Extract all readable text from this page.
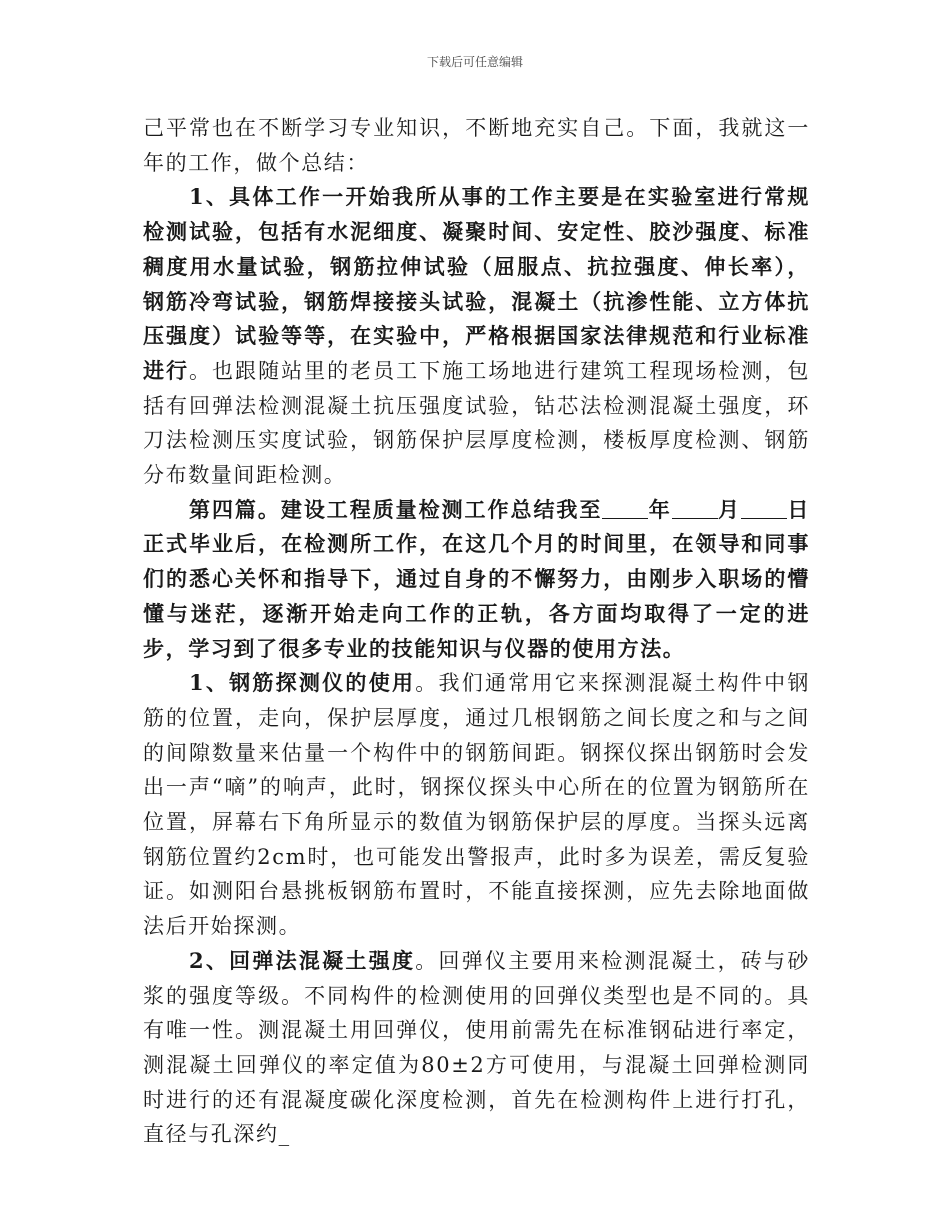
下载后可任意编辑

己平常也在不断学习专业知识，不断地充实自己。下面，我就这一年的工作，做个总结：

1、具体工作一开始我所从事的工作主要是在实验室进行常规检测试验，包括有水泥细度、凝聚时间、安定性、胶沙强度、标准稠度用水量试验，钢筋拉伸试验（屈服点、抗拉强度、伸长率），钢筋冷弯试验，钢筋焊接接头试验，混凝土（抗渗性能、立方体抗压强度）试验等等，在实验中，严格根据国家法律规范和行业标准进行。也跟随站里的老员工下施工场地进行建筑工程现场检测，包括有回弹法检测混凝土抗压强度试验，钻芯法检测混凝土强度，环刀法检测压实度试验，钢筋保护层厚度检测，楼板厚度检测、钢筋分布数量间距检测。

第四篇。建设工程质量检测工作总结我至 年 月 日正式毕业后，在检测所工作，在这几个月的时间里，在领导和同事们的悉心关怀和指导下，通过自身的不懈努力，由刚步入职场的懵懂与迷茫，逐渐开始走向工作的正轨，各方面均取得了一定的进步，学习到了很多专业的技能知识与仪器的使用方法。

1、钢筋探测仪的使用。我们通常用它来探测混凝土构件中钢筋的位置，走向，保护层厚度，通过几根钢筋之间长度之和与之间的间隙数量来估量一个构件中的钢筋间距。钢探仪探出钢筋时会发出一声“嘀”的响声，此时，钢探仪探头中心所在的位置为钢筋所在位置，屏幕右下角所显示的数值为钢筋保护层的厚度。当探头远离钢筋位置约2cm时，也可能发出警报声，此时多为误差，需反复验证。如测阳台悬挑板钢筋布置时，不能直接探测，应先去除地面做法后开始探测。

2、回弹法混凝土强度。回弹仪主要用来检测混凝土，砖与砂浆的强度等级。不同构件的检测使用的回弹仪类型也是不同的。具有唯一性。测混凝土用回弹仪，使用前需先在标准钢砧进行率定，测混凝土回弹仪的率定值为80±2方可使用，与混凝土回弹检测同时进行的还有混凝度碳化深度检测，首先在检测构件上进行打孔，直径与孔深约_
